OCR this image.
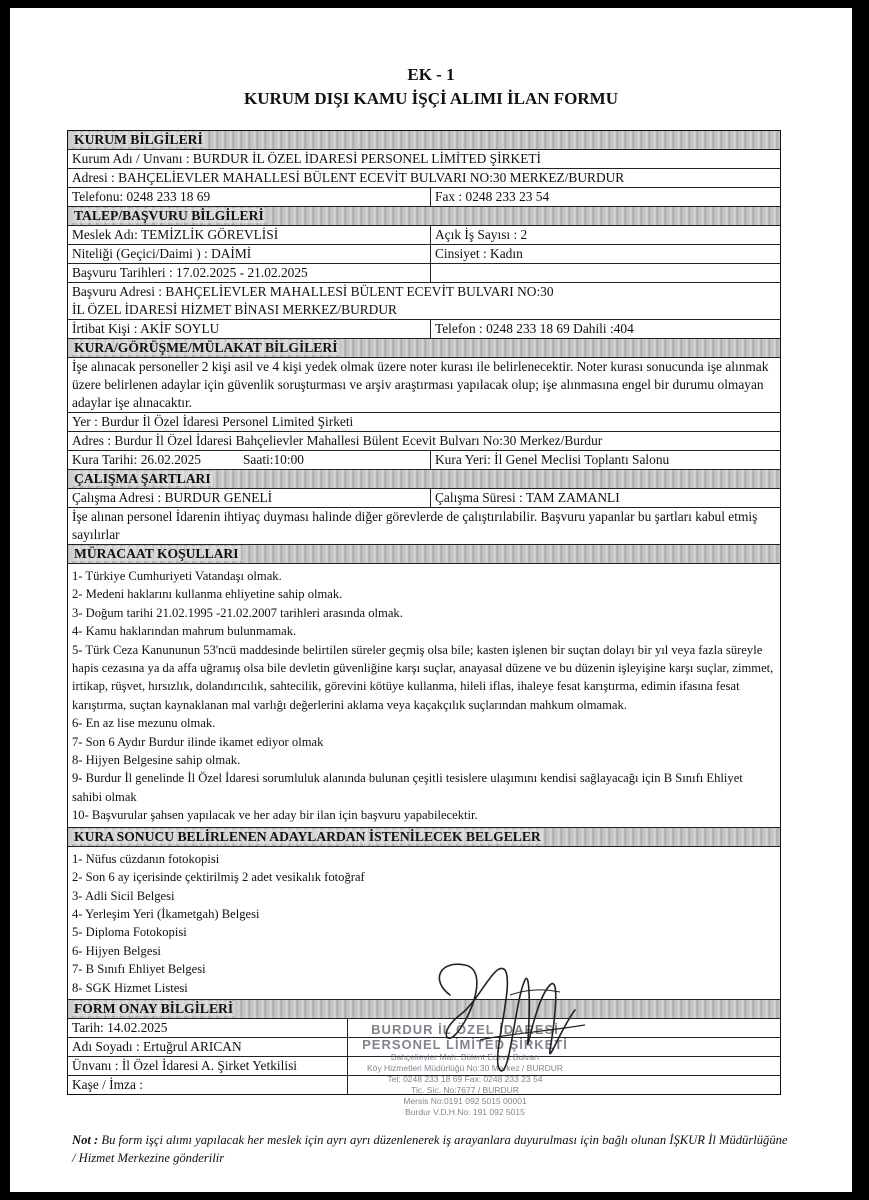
EK - 1
KURUM DIŞI KAMU İŞÇİ ALIMI İLAN FORMU
KURUM BİLGİLERİ
Kurum Adı / Unvanı : BURDUR İL ÖZEL İDARESİ PERSONEL LİMİTED ŞİRKETİ
Adresi : BAHÇELİEVLER MAHALLESİ BÜLENT ECEVİT BULVARI NO:30 MERKEZ/BURDUR
Telefonu: 0248 233 18 69	Fax : 0248 233 23 54
TALEP/BAŞVURU BİLGİLERİ
Meslek Adı: TEMİZLİK GÖREVLİSİ	Açık İş Sayısı : 2
Niteliği (Geçici/Daimi ) : DAİMİ	Cinsiyet : Kadın
Başvuru Tarihleri : 17.02.2025 - 21.02.2025
Başvuru Adresi : BAHÇELİEVLER MAHALLESİ BÜLENT ECEVİT BULVARI NO:30
İL ÖZEL İDARESİ HİZMET BİNASI MERKEZ/BURDUR
İrtibat Kişi : AKİF SOYLU	Telefon : 0248 233 18 69 Dahili :404
KURA/GÖRÜŞME/MÜLAKAT BİLGİLERİ
İşe alınacak personeller 2 kişi asil ve 4 kişi yedek olmak üzere noter kurası ile belirlenecektir. Noter kurası sonucunda işe alınmak üzere belirlenen adaylar için güvenlik soruşturması ve arşiv araştırması yapılacak olup; işe alınmasına engel bir durumu olmayan adaylar işe alınacaktır.
Yer : Burdur İl Özel İdaresi Personel Limited Şirketi
Adres : Burdur İl Özel İdaresi Bahçelievler Mahallesi Bülent Ecevit Bulvarı No:30 Merkez/Burdur
Kura Tarihi: 26.02.2025	Saati:10:00	Kura Yeri: İl Genel Meclisi Toplantı Salonu
ÇALIŞMA ŞARTLARI
Çalışma Adresi : BURDUR GENELİ	Çalışma Süresi : TAM ZAMANLI
İşe alınan personel İdarenin ihtiyaç duyması halinde diğer görevlerde de çalıştırılabilir. Başvuru yapanlar bu şartları kabul etmiş sayılırlar
MÜRACAAT KOŞULLARI
1- Türkiye Cumhuriyeti Vatandaşı olmak.
2- Medeni haklarını kullanma ehliyetine sahip olmak.
3- Doğum tarihi 21.02.1995 -21.02.2007 tarihleri arasında olmak.
4- Kamu haklarından mahrum bulunmamak.
5- Türk Ceza Kanununun 53'ncü maddesinde belirtilen süreler geçmiş olsa bile; kasten işlenen bir suçtan dolayı bir yıl veya fazla süreyle hapis cezasına ya da affa uğramış olsa bile devletin güvenliğine karşı suçlar, anayasal düzene ve bu düzenin işleyişine karşı suçlar, zimmet, irtikap, rüşvet, hırsızlık, dolandırıcılık, sahtecilik, görevini kötüye kullanma, hileli iflas, ihaleye fesat karıştırma, edimin ifasına fesat karıştırma, suçtan kaynaklanan mal varlığı değerlerini aklama veya kaçakçılık suçlarından mahkum olmamak.
6- En az lise mezunu olmak.
7- Son 6 Aydır Burdur ilinde ikamet ediyor olmak
8- Hijyen Belgesine sahip olmak.
9- Burdur İl genelinde İl Özel İdaresi sorumluluk alanında bulunan çeşitli tesislere ulaşımını kendisi sağlayacağı için B Sınıfı Ehliyet sahibi olmak
10- Başvurular şahsen yapılacak ve her aday bir ilan için başvuru yapabilecektir.
KURA SONUCU BELİRLENEN ADAYLARDAN İSTENİLECEK BELGELER
1- Nüfus cüzdanın fotokopisi
2- Son 6 ay içerisinde çektirilmiş 2 adet vesikalık fotoğraf
3- Adli Sicil Belgesi
4- Yerleşim Yeri (İkametgah) Belgesi
5- Diploma Fotokopisi
6- Hijyen Belgesi
7- B Sınıfı Ehliyet Belgesi
8- SGK Hizmet Listesi
FORM ONAY BİLGİLERİ
Tarih: 14.02.2025
Adı Soyadı : Ertuğrul ARICAN
Ünvanı : İl Özel İdaresi A. Şirket Yetkilisi
Kaşe / İmza :
BURDUR İL ÖZEL İDARESİ
PERSONEL LİMİTED ŞİRKETİ
Bahçelievler Mah. Bülent Ecevit Bulvarı
Köy Hizmetleri Müdürlüğü No:30 Merkez / BURDUR
Tel: 0248 233 18 69 Fax: 0248 233 23 54
Tic. Sic. No:7677 / BURDUR
Mersis No:0191 092 5015 00001
Burdur V.D.H.No: 191 092 5015
Not : Bu form işçi alımı yapılacak her meslek için ayrı ayrı düzenlenerek iş arayanlara duyurulması için bağlı olunan İŞKUR İl Müdürlüğüne / Hizmet Merkezine gönderilir
